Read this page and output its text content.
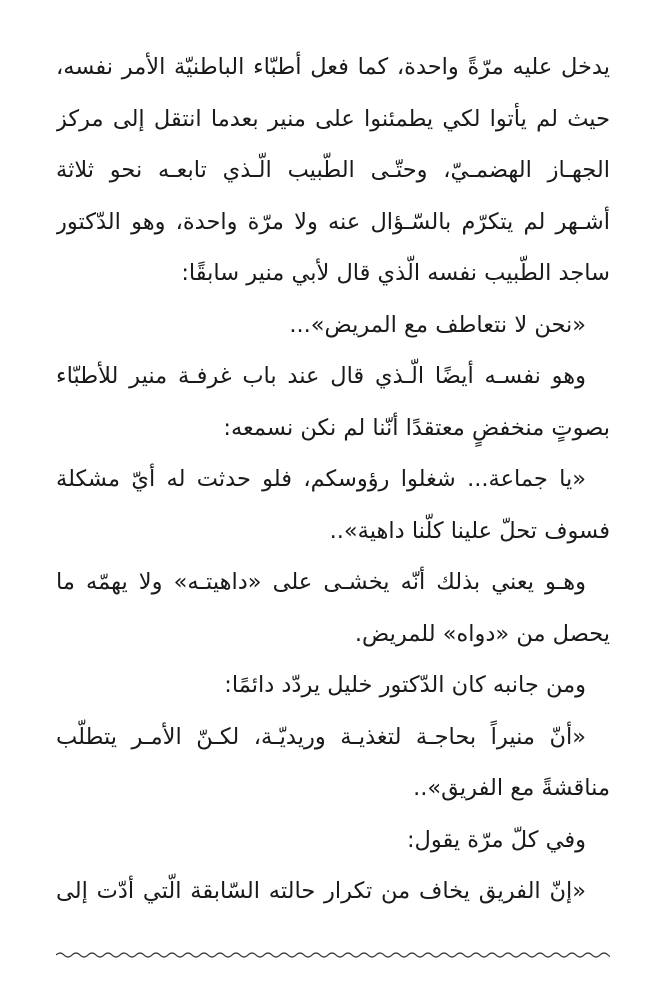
يدخل عليه مرّةً واحدة، كما فعل أطبّاء الباطنيّة الأمر نفسه،
حيث لم يأتوا لكي يطمئنوا على منير بعدما انتقل إلى مركز
الجهـاز الهضمـيّ، وحتّـى الطّبيب الّـذي تابعـه نحو ثلاثة
أشـهر لم يتكرّم بالسّـؤال عنه ولا مرّة واحدة، وهو الدّكتور
ساجد الطّبيب نفسه الّذي قال لأبي منير سابقًا:
«نحن لا نتعاطف مع المريض»...
وهو نفسـه أيضًا الّـذي قال عند باب غرفـة منير للأطبّاء
بصوتٍ منخفضٍ معتقدًا أنّنا لم نكن نسمعه:
«يا جماعة... شغلوا رؤوسكم، فلو حدثت له أيّ مشكلة
فسوف تحلّ علينا كلّنا داهية»..
وهـو يعني بذلك أنّه يخشـى على «داهيتـه» ولا يهمّه ما
يحصل من «دواه» للمريض.
ومن جانبه كان الدّكتور خليل يردّد دائمًا:
«أنّ منيراً بحاجـة لتغذيـة وريديّـة، لكـنّ الأمـر يتطلّب
مناقشةً مع الفريق»..
وفي كلّ مرّة يقول:
«إنّ الفريق يخاف من تكرار حالته السّابقة الّتي أدّت إلى
